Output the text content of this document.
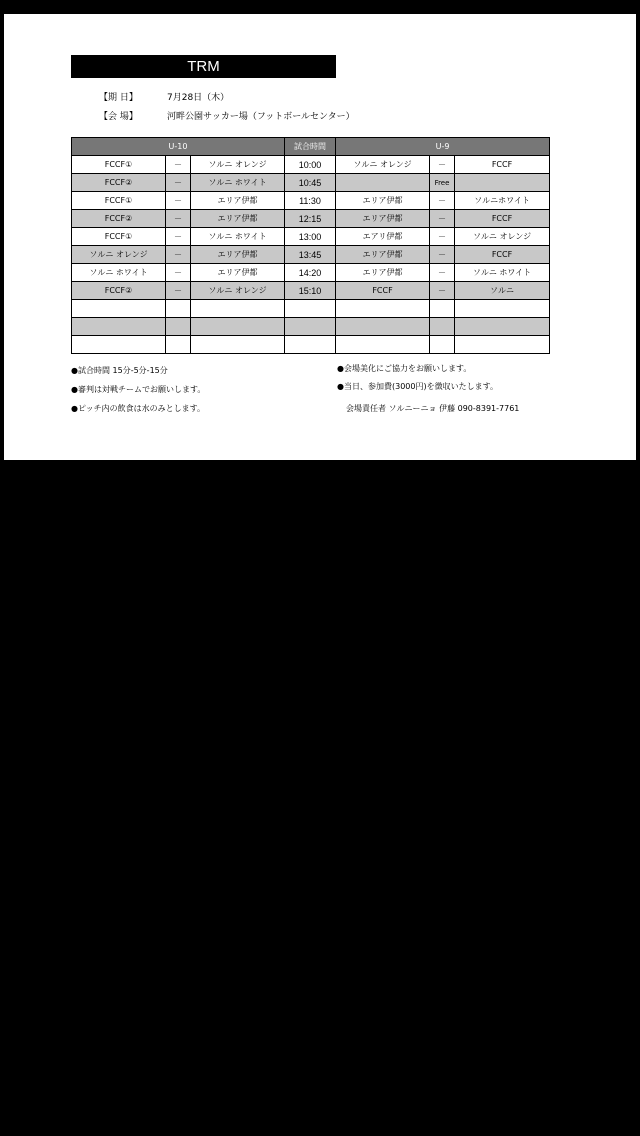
TRM
【期 日】	7月28日（木）
【会 場】	河畔公園サッカー場（フットボールセンター）
U-10			試合時間	U-9		
FCCF①	－	ソルニ オレンジ	10:00	ソルニ オレンジ	－	FCCF
FCCF②	－	ソルニ ホワイト	10:45		Free	
FCCF①	－	エリア伊都	11:30	エリア伊都	－	ソルニホワイト
FCCF②	－	エリア伊都	12:15	エリア伊都	－	FCCF
FCCF①	－	ソルニ ホワイト	13:00	エアリ伊都	－	ソルニ オレンジ
ソルニ オレンジ	－	エリア伊都	13:45	エリア伊都	－	FCCF
ソルニ ホワイト	－	エリア伊都	14:20	エリア伊都	－	ソルニ ホワイト
FCCF②	－	ソルニ オレンジ	15:10	FCCF	－	ソルニ

●試合時間 15分-5分-15分
●審判は対戦チームでお願いします。
●ピッチ内の飲食は水のみとします。
●会場美化にご協力をお願いします。
●当日、参加費(3000円)を徴収いたします。
会場責任者 ソルニーニョ 伊藤 090-8391-7761
